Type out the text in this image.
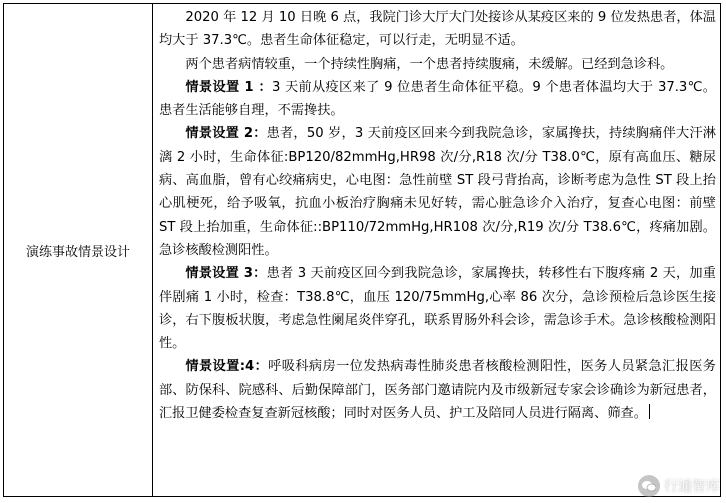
演练事故情景设计

2020 年 12 月 10 日晚 6 点，我院门诊大厅大门处接诊从某疫区来的 9 位发热患者，体温均大于 37.3℃。患者生命体征稳定，可以行走，无明显不适。

两个患者病情较重，一个持续性胸痛，一个患者持续腹痛，未缓解。已经到急诊科。

情景设置 1 ：3 天前从疫区来了 9 位患者生命体征平稳。9 个患者体温均大于 37.3℃。患者生活能够自理，不需搀扶。

情景设置 2：患者，50 岁，3 天前疫区回来今到我院急诊，家属搀扶，持续胸痛伴大汗淋漓 2 小时，生命体征:BP120/82mmHg,HR98 次/分,R18 次/分 T38.0℃，原有高血压、糖尿病、高血脂，曾有心绞痛病史，心电图：急性前壁 ST 段弓背抬高，诊断考虑为急性 ST 段上抬心肌梗死，给予吸氧，抗血小板治疗胸痛未见好转，需心脏急诊介入治疗，复查心电图：前壁 ST 段上抬加重，生命体征::BP110/72mmHg,HR108 次/分,R19 次/分 T38.6℃，疼痛加剧。急诊核酸检测阳性。

情景设置 3：患者 3 天前疫区回今到我院急诊，家属搀扶，转移性右下腹疼痛 2 天，加重伴剧痛 1 小时，检查：T38.8℃，血压 120/75mmHg,心率 86 次分，急诊预检后急诊医生接诊，右下腹板状腹，考虑急性阑尾炎伴穿孔，联系胃肠外科会诊，需急诊手术。急诊核酸检测阳性。

情景设置:4：呼吸科病房一位发热病毒性肺炎患者核酸检测阳性，医务人员紧急汇报医务部、防保科、院感科、后勤保障部门，医务部门邀请院内及市级新冠专家会诊确诊为新冠患者，汇报卫健委检查复查新冠核酸；同时对医务人员、护工及陪同人员进行隔离、筛查。

行通智库
